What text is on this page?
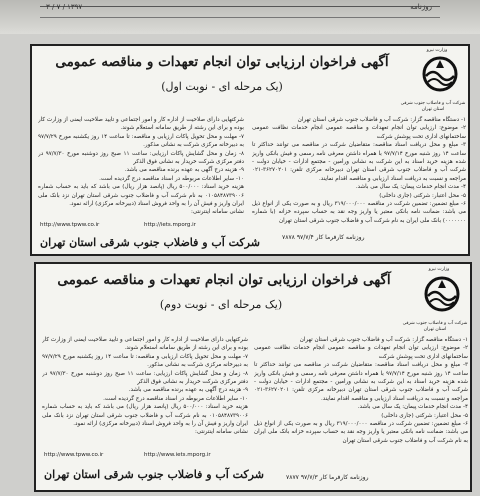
١٣٩٧ / ٧ / ٣	روزنامه
آگهی فراخوان ارزیابی توان انجام تعهدات و مناقصه عمومی
(یک مرحله ای - نوبت اول)
وزارت نیرو
شرکت آب و فاضلاب جنوب شرقی استان تهران

۱- دستگاه مناقصه گزار: شرکت آب و فاضلاب جنوب شرقی استان تهران

۲- موضوع: ارزیابی توان انجام تعهدات و مناقصه عمومی انجام خدمات نظافت عمومی ساختمانهای اداری تحت پوشش شرکت

۳- مبلغ و محل دریافت اسناد مناقصه: متقاضیان شرکت در مناقصه می توانند حداکثر تا ساعت ۱۴ روز شنبه مورخ ۹۷/۷/۱۴ با همراه داشتن معرفی نامه رسمی و فیش بانکی واریز شده هزینه خرید اسناد به این شرکت به نشانی ورامین - مجتمع ادارات - خیابان دولت - شرکت آب و فاضلاب جنوب شرقی استان تهران دبیرخانه مرکزی تلفن: ۳۶۲۷۰۲۰۱-۰۲۱ مراجعه و نسبت به دریافت اسناد ارزیابی و مناقصه اقدام نمایند.

۴- مدت انجام خدمات پیمان: یک سال می باشد.

۵- محل اعتبار: شرکتی (جاری داخلی)

۶- مبلغ تضمین: تضمین شرکت در مناقصه ۳۱۹/۰۰۰/۰۰۰ ریال و به صورت یکی از انواع ذیل می باشد: ضمانت نامه بانکی معتبر یا واریز وجه نقد به حساب سپرده خزانه (با شماره ۰۰۰۰۰۰۰) بانک ملی ایران به نام شرکت آب و فاضلاب جنوب شرقی استان تهران

شرکتهایی دارای صلاحیت از اداره کار و امور اجتماعی و تایید صلاحیت ایمنی از وزارت کار بوده و برای این رشته از طریق سامانه استعلام شوند.

۷- مهلت و محل تحویل پاکات ارزیابی و مناقصه: تا ساعت ۱۴ روز یکشنبه مورخ ۹۷/۷/۲۹ به دبیرخانه مرکزی شرکت به نشانی مذکور.

۸- زمان و محل گشایش پاکات ارزیابی: ساعت ۱۱ صبح روز دوشنبه مورخ ۹۷/۷/۳۰ در دفتر مرکزی شرکت خریدار به نشانی فوق الذکر

۹- هزینه درج آگهی به عهده برنده مناقصه می باشد.

۱۰- سایر اطلاعات مربوطه در اسناد مناقصه درج گردیده است.

هزینه خرید اسناد: ۵۰۰/۰۰۰ ریال (پانصد هزار ریال) می باشد که باید به حساب شماره ۰۱۰۵۸۴۸۷۳۹۰۰۶ به نام شرکت آب و فاضلاب جنوب شرقی استان تهران نزد بانک ملی ایران واریز و فیش آن را به واحد فروش اسناد (دبیرخانه مرکزی) ارائه نمود.

نشانی سامانه اینترنتی:

http://www.tpww.co.ir	http://iets.mporg.ir
شرکت آب و فاضلاب جنوب شرقی استان تهران	روزنامه کارفرما کار ۹۷/۷/۴ ۷۸۷۸
آگهی فراخوان ارزیابی توان انجام تعهدات و مناقصه عمومی
(یک مرحله ای - نوبت دوم)
وزارت نیرو
شرکت آب و فاضلاب جنوب شرقی استان تهران

۱- دستگاه مناقصه گزار: شرکت آب و فاضلاب جنوب شرقی استان تهران

۲- موضوع: ارزیابی توان انجام تعهدات و مناقصه عمومی انجام خدمات نظافت عمومی ساختمانهای اداری تحت پوشش شرکت

۳- مبلغ و محل دریافت اسناد مناقصه: متقاضیان شرکت در مناقصه می توانند حداکثر تا ساعت ۱۴ روز شنبه مورخ ۹۷/۷/۱۴ با همراه داشتن معرفی نامه رسمی و فیش بانکی واریز شده هزینه خرید اسناد به این شرکت به نشانی ورامین - مجتمع ادارات - خیابان دولت - شرکت آب و فاضلاب جنوب شرقی استان تهران دبیرخانه مرکزی تلفن: ۳۶۲۷۰۲۰۱-۰۲۱ مراجعه و نسبت به دریافت اسناد ارزیابی و مناقصه اقدام نمایند.

۴- مدت انجام خدمات پیمان: یک سال می باشد.

۵- محل اعتبار: شرکتی (جاری داخلی)

۶- مبلغ تضمین: تضمین شرکت در مناقصه ۳۱۹/۰۰۰/۰۰۰ ریال و به صورت یکی از انواع ذیل می باشد: ضمانت نامه بانکی معتبر یا واریز وجه نقد به حساب سپرده خزانه بانک ملی ایران به نام شرکت آب و فاضلاب جنوب شرقی استان تهران

شرکتهایی دارای صلاحیت از اداره کار و امور اجتماعی و تایید صلاحیت ایمنی از وزارت کار بوده و برای این رشته از طریق سامانه استعلام شوند.

۷- مهلت و محل تحویل پاکات ارزیابی و مناقصه: تا ساعت ۱۴ روز یکشنبه مورخ ۹۷/۷/۲۹ به دبیرخانه مرکزی شرکت به نشانی مذکور.

۸- زمان و محل گشایش پاکات ارزیابی: ساعت ۱۱ صبح روز دوشنبه مورخ ۹۷/۷/۳۰ در دفتر مرکزی شرکت خریدار به نشانی فوق الذکر

۹- هزینه درج آگهی به عهده برنده مناقصه می باشد.

۱۰- سایر اطلاعات مربوطه در اسناد مناقصه درج گردیده است.

هزینه خرید اسناد: ۵۰۰/۰۰۰ ریال (پانصد هزار ریال) می باشد که باید به حساب شماره ۰۱۰۵۸۴۸۷۳۹۰۰۶ به نام شرکت آب و فاضلاب جنوب شرقی استان تهران نزد بانک ملی ایران واریز و فیش آن را به واحد فروش اسناد (دبیرخانه مرکزی) ارائه نمود.

نشانی سامانه اینترنتی:

http://www.tpww.co.ir	http://www.iets.mporg.ir
شرکت آب و فاضلاب جنوب شرقی استان تهران	روزنامه کارفرما کار ۹۷/۷/۳ ۷۸۷۷
